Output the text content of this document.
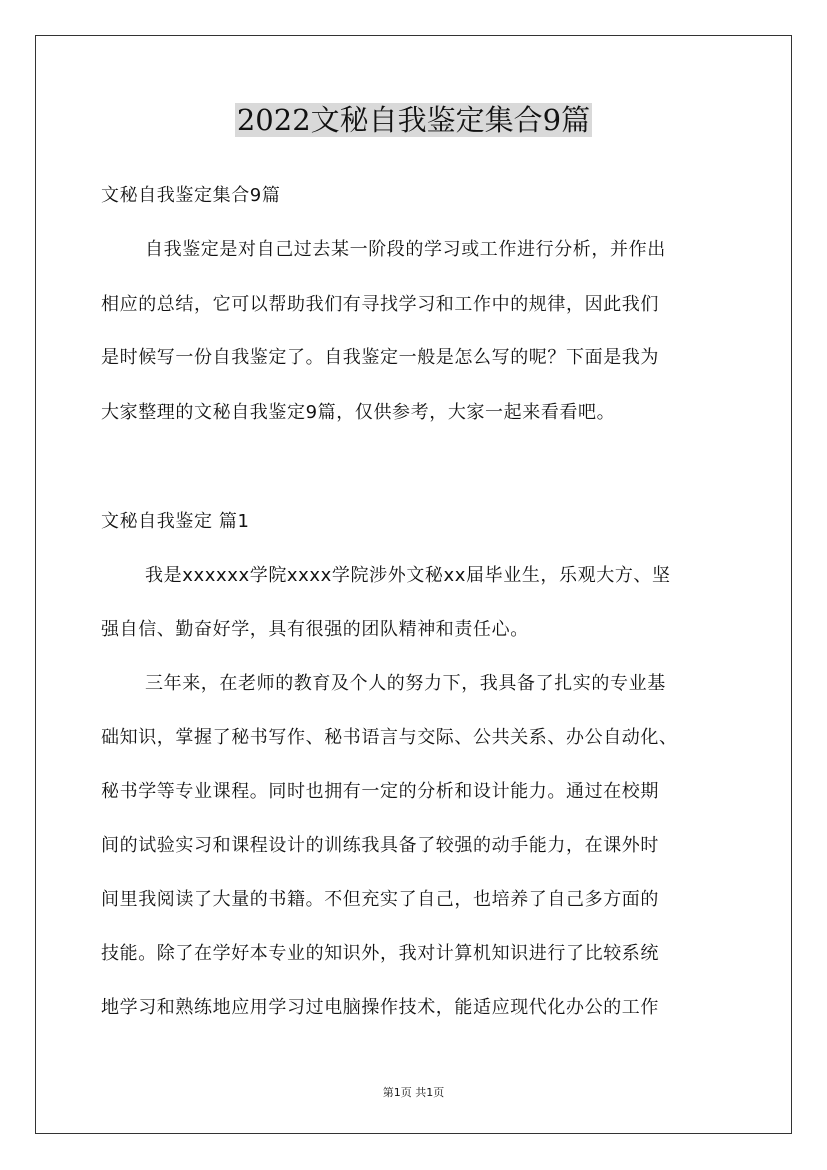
2022文秘自我鉴定集合9篇
文秘自我鉴定集合9篇
自我鉴定是对自己过去某一阶段的学习或工作进行分析，并作出
相应的总结，它可以帮助我们有寻找学习和工作中的规律，因此我们
是时候写一份自我鉴定了。自我鉴定一般是怎么写的呢？下面是我为
大家整理的文秘自我鉴定9篇，仅供参考，大家一起来看看吧。
文秘自我鉴定 篇1
我是xxxxxx学院xxxx学院涉外文秘xx届毕业生，乐观大方、坚
强自信、勤奋好学，具有很强的团队精神和责任心。
三年来，在老师的教育及个人的努力下，我具备了扎实的专业基
础知识，掌握了秘书写作、秘书语言与交际、公共关系、办公自动化、
秘书学等专业课程。同时也拥有一定的分析和设计能力。通过在校期
间的试验实习和课程设计的训练我具备了较强的动手能力，在课外时
间里我阅读了大量的书籍。不但充实了自己，也培养了自己多方面的
技能。除了在学好本专业的知识外，我对计算机知识进行了比较系统
地学习和熟练地应用学习过电脑操作技术，能适应现代化办公的工作
第1页 共1页
